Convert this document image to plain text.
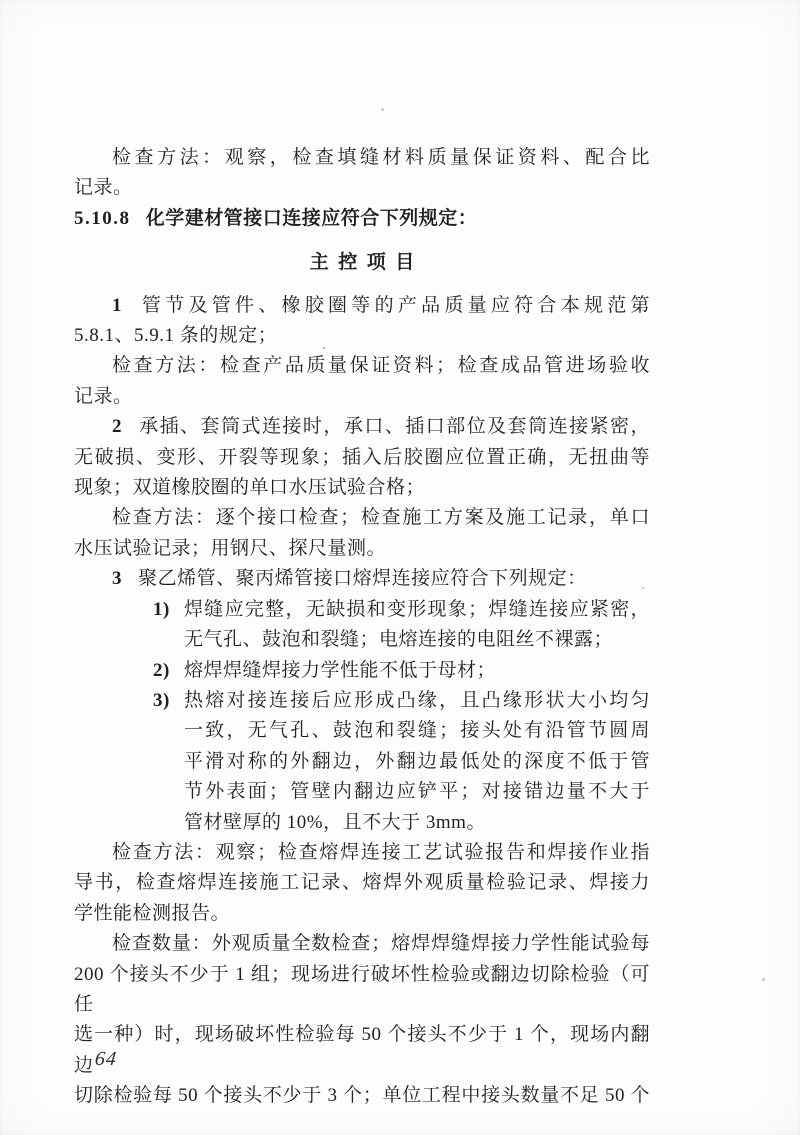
检查方法：观察，检查填缝材料质量保证资料、配合比
记录。
5.10.8 化学建材管接口连接应符合下列规定：
主控项目
1 管节及管件、橡胶圈等的产品质量应符合本规范第
5.8.1、5.9.1 条的规定；
检查方法：检查产品质量保证资料；检查成品管进场验收
记录。
2 承插、套筒式连接时，承口、插口部位及套筒连接紧密，
无破损、变形、开裂等现象；插入后胶圈应位置正确，无扭曲等
现象；双道橡胶圈的单口水压试验合格；
检查方法：逐个接口检查；检查施工方案及施工记录，单口
水压试验记录；用钢尺、探尺量测。
3 聚乙烯管、聚丙烯管接口熔焊连接应符合下列规定：
1) 焊缝应完整，无缺损和变形现象；焊缝连接应紧密，
无气孔、鼓泡和裂缝；电熔连接的电阻丝不裸露；
2) 熔焊焊缝焊接力学性能不低于母材；
3) 热熔对接连接后应形成凸缘，且凸缘形状大小均匀
一致，无气孔、鼓泡和裂缝；接头处有沿管节圆周
平滑对称的外翻边，外翻边最低处的深度不低于管
节外表面；管壁内翻边应铲平；对接错边量不大于
管材壁厚的 10%，且不大于 3mm。
检查方法：观察；检查熔焊连接工艺试验报告和焊接作业指
导书，检查熔焊连接施工记录、熔焊外观质量检验记录、焊接力
学性能检测报告。
检查数量：外观质量全数检查；熔焊焊缝焊接力学性能试验每
200 个接头不少于 1 组；现场进行破坏性检验或翻边切除检验（可任
选一种）时，现场破坏性检验每 50 个接头不少于 1 个，现场内翻边
切除检验每 50 个接头不少于 3 个；单位工程中接头数量不足 50 个
64
